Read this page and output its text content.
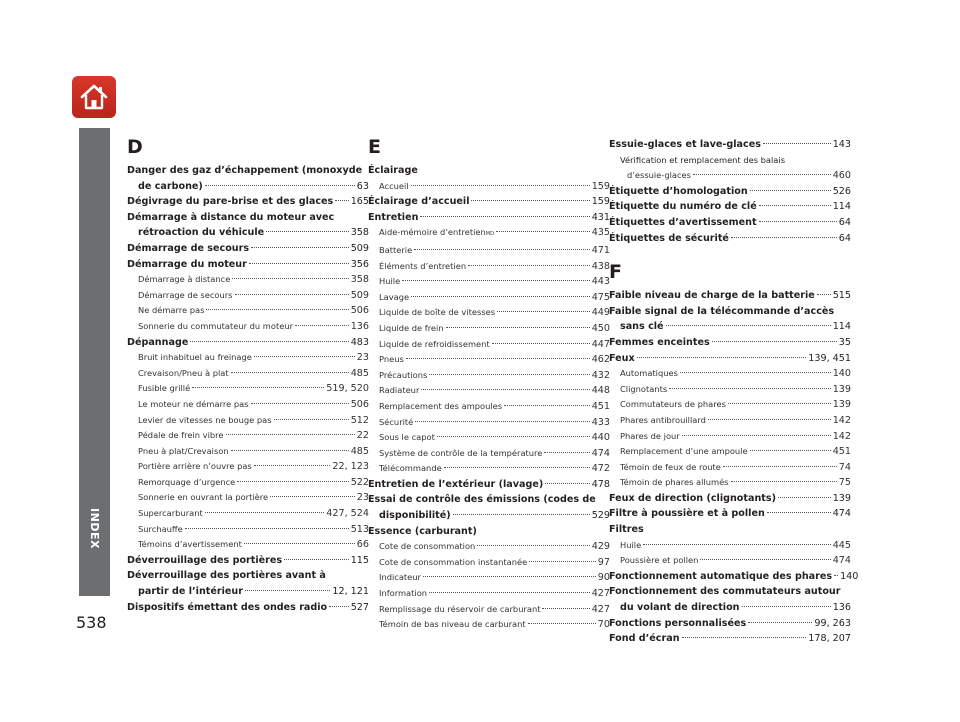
INDEX
538
D
Danger des gaz d’échappement (monoxyde
de carbone)	63
Dégivrage du pare-brise et des glaces 165
Démarrage à distance du moteur avec
rétroaction du véhicule	358
Démarrage de secours	509
Démarrage du moteur	356
Démarrage à distance	358
Démarrage de secours	509
Ne démarre pas	506
Sonnerie du commutateur du moteur	136
Dépannage	483
Bruit inhabituel au freinage	23
Crevaison/Pneu à plat	485
Fusible grillé	519, 520
Le moteur ne démarre pas	506
Levier de vitesses ne bouge pas	512
Pédale de frein vibre	22
Pneu à plat/Crevaison	485
Portière arrière n’ouvre pas	22, 123
Remorquage d’urgence	522
Sonnerie en ouvrant la portière	23
Supercarburant	427, 524
Surchauffe	513
Témoins d’avertissement	66
Déverrouillage des portières	115
Déverrouillage des portières avant à
partir de l’intérieur	12, 121
Dispositifs émettant des ondes radio 527
E
Éclairage
Accueil	159
Éclairage d’accueil	159
Entretien	431
Aide-mémoire d’entretien$_{MD}$	435
Batterie	471
Éléments d’entretien	438
Huile	443
Lavage	475
Liquide de boîte de vitesses	449
Liquide de frein	450
Liquide de refroidissement	447
Pneus	462
Précautions	432
Radiateur	448
Remplacement des ampoules	451
Sécurité	433
Sous le capot	440
Système de contrôle de la température	474
Télécommande	472
Entretien de l’extérieur (lavage)	478
Essai de contrôle des émissions (codes de
disponibilité)	529
Essence (carburant)
Cote de consommation	429
Cote de consommation instantanée	97
Indicateur	90
Information	427
Remplissage du réservoir de carburant	427
Témoin de bas niveau de carburant	70
Essuie-glaces et lave-glaces	143
Vérification et remplacement des balais
d’essuie-glaces	460
Étiquette d’homologation	526
Étiquette du numéro de clé	114
Étiquettes d’avertissement	64
Étiquettes de sécurité	64
F
Faible niveau de charge de la batterie 515
Faible signal de la télécommande d’accès
sans clé	114
Femmes enceintes	35
Feux	139, 451
Automatiques	140
Clignotants	139
Commutateurs de phares	139
Phares antibrouillard	142
Phares de jour	142
Remplacement d’une ampoule	451
Témoin de feux de route	74
Témoin de phares allumés	75
Feux de direction (clignotants)	139
Filtre à poussière et à pollen	474
Filtres
Huile	445
Poussière et pollen	474
Fonctionnement automatique des phares 140
Fonctionnement des commutateurs autour
du volant de direction	136
Fonctions personnalisées	99, 263
Fond d’écran	178, 207
